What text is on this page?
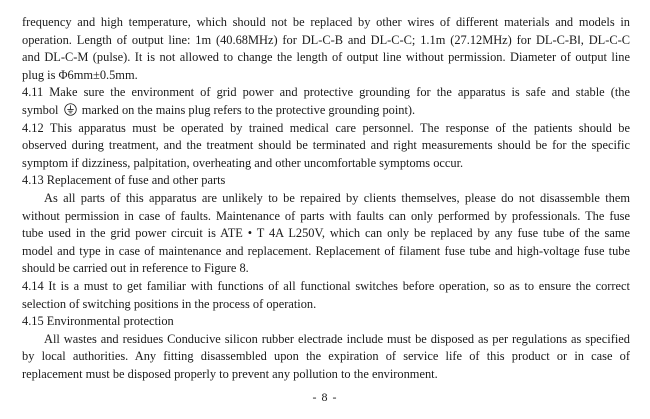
frequency and high temperature, which should not be replaced by other wires of different materials and models in
operation. Length of output line: 1m (40.68MHz) for DL-C-B and DL-C-C; 1.1m (27.12MHz) for DL-C-B‖, DL-C-C
and DL-C-M (pulse). It is not allowed to change the length of output line without permission. Diameter of output line
plug is Φ6mm±0.5mm.
4.11 Make sure the environment of grid power and protective grounding for the apparatus is safe and stable (the
symbol marked on the mains plug refers to the protective grounding point).
4.12 This apparatus must be operated by trained medical care personnel. The response of the patients should be
observed during treatment, and the treatment should be terminated and right measurements should be for the specific
symptom if dizziness, palpitation, overheating and other uncomfortable symptoms occur.
4.13 Replacement of fuse and other parts
As all parts of this apparatus are unlikely to be repaired by clients themselves, please do not disassemble them
without permission in case of faults. Maintenance of parts with faults can only performed by professionals. The fuse
tube used in the grid power circuit is ATE • T 4A L250V, which can only be replaced by any fuse tube of the same
model and type in case of maintenance and replacement. Replacement of filament fuse tube and high-voltage fuse tube
should be carried out in reference to Figure 8.
4.14 It is a must to get familiar with functions of all functional switches before operation, so as to ensure the correct
selection of switching positions in the process of operation.
4.15 Environmental protection
All wastes and residues Conducive silicon rubber electrade include must be disposed as per regulations as specified
by local authorities. Any fitting disassembled upon the expiration of service life of this product or in case of
replacement must be disposed properly to prevent any pollution to the environment.
- 8 -
